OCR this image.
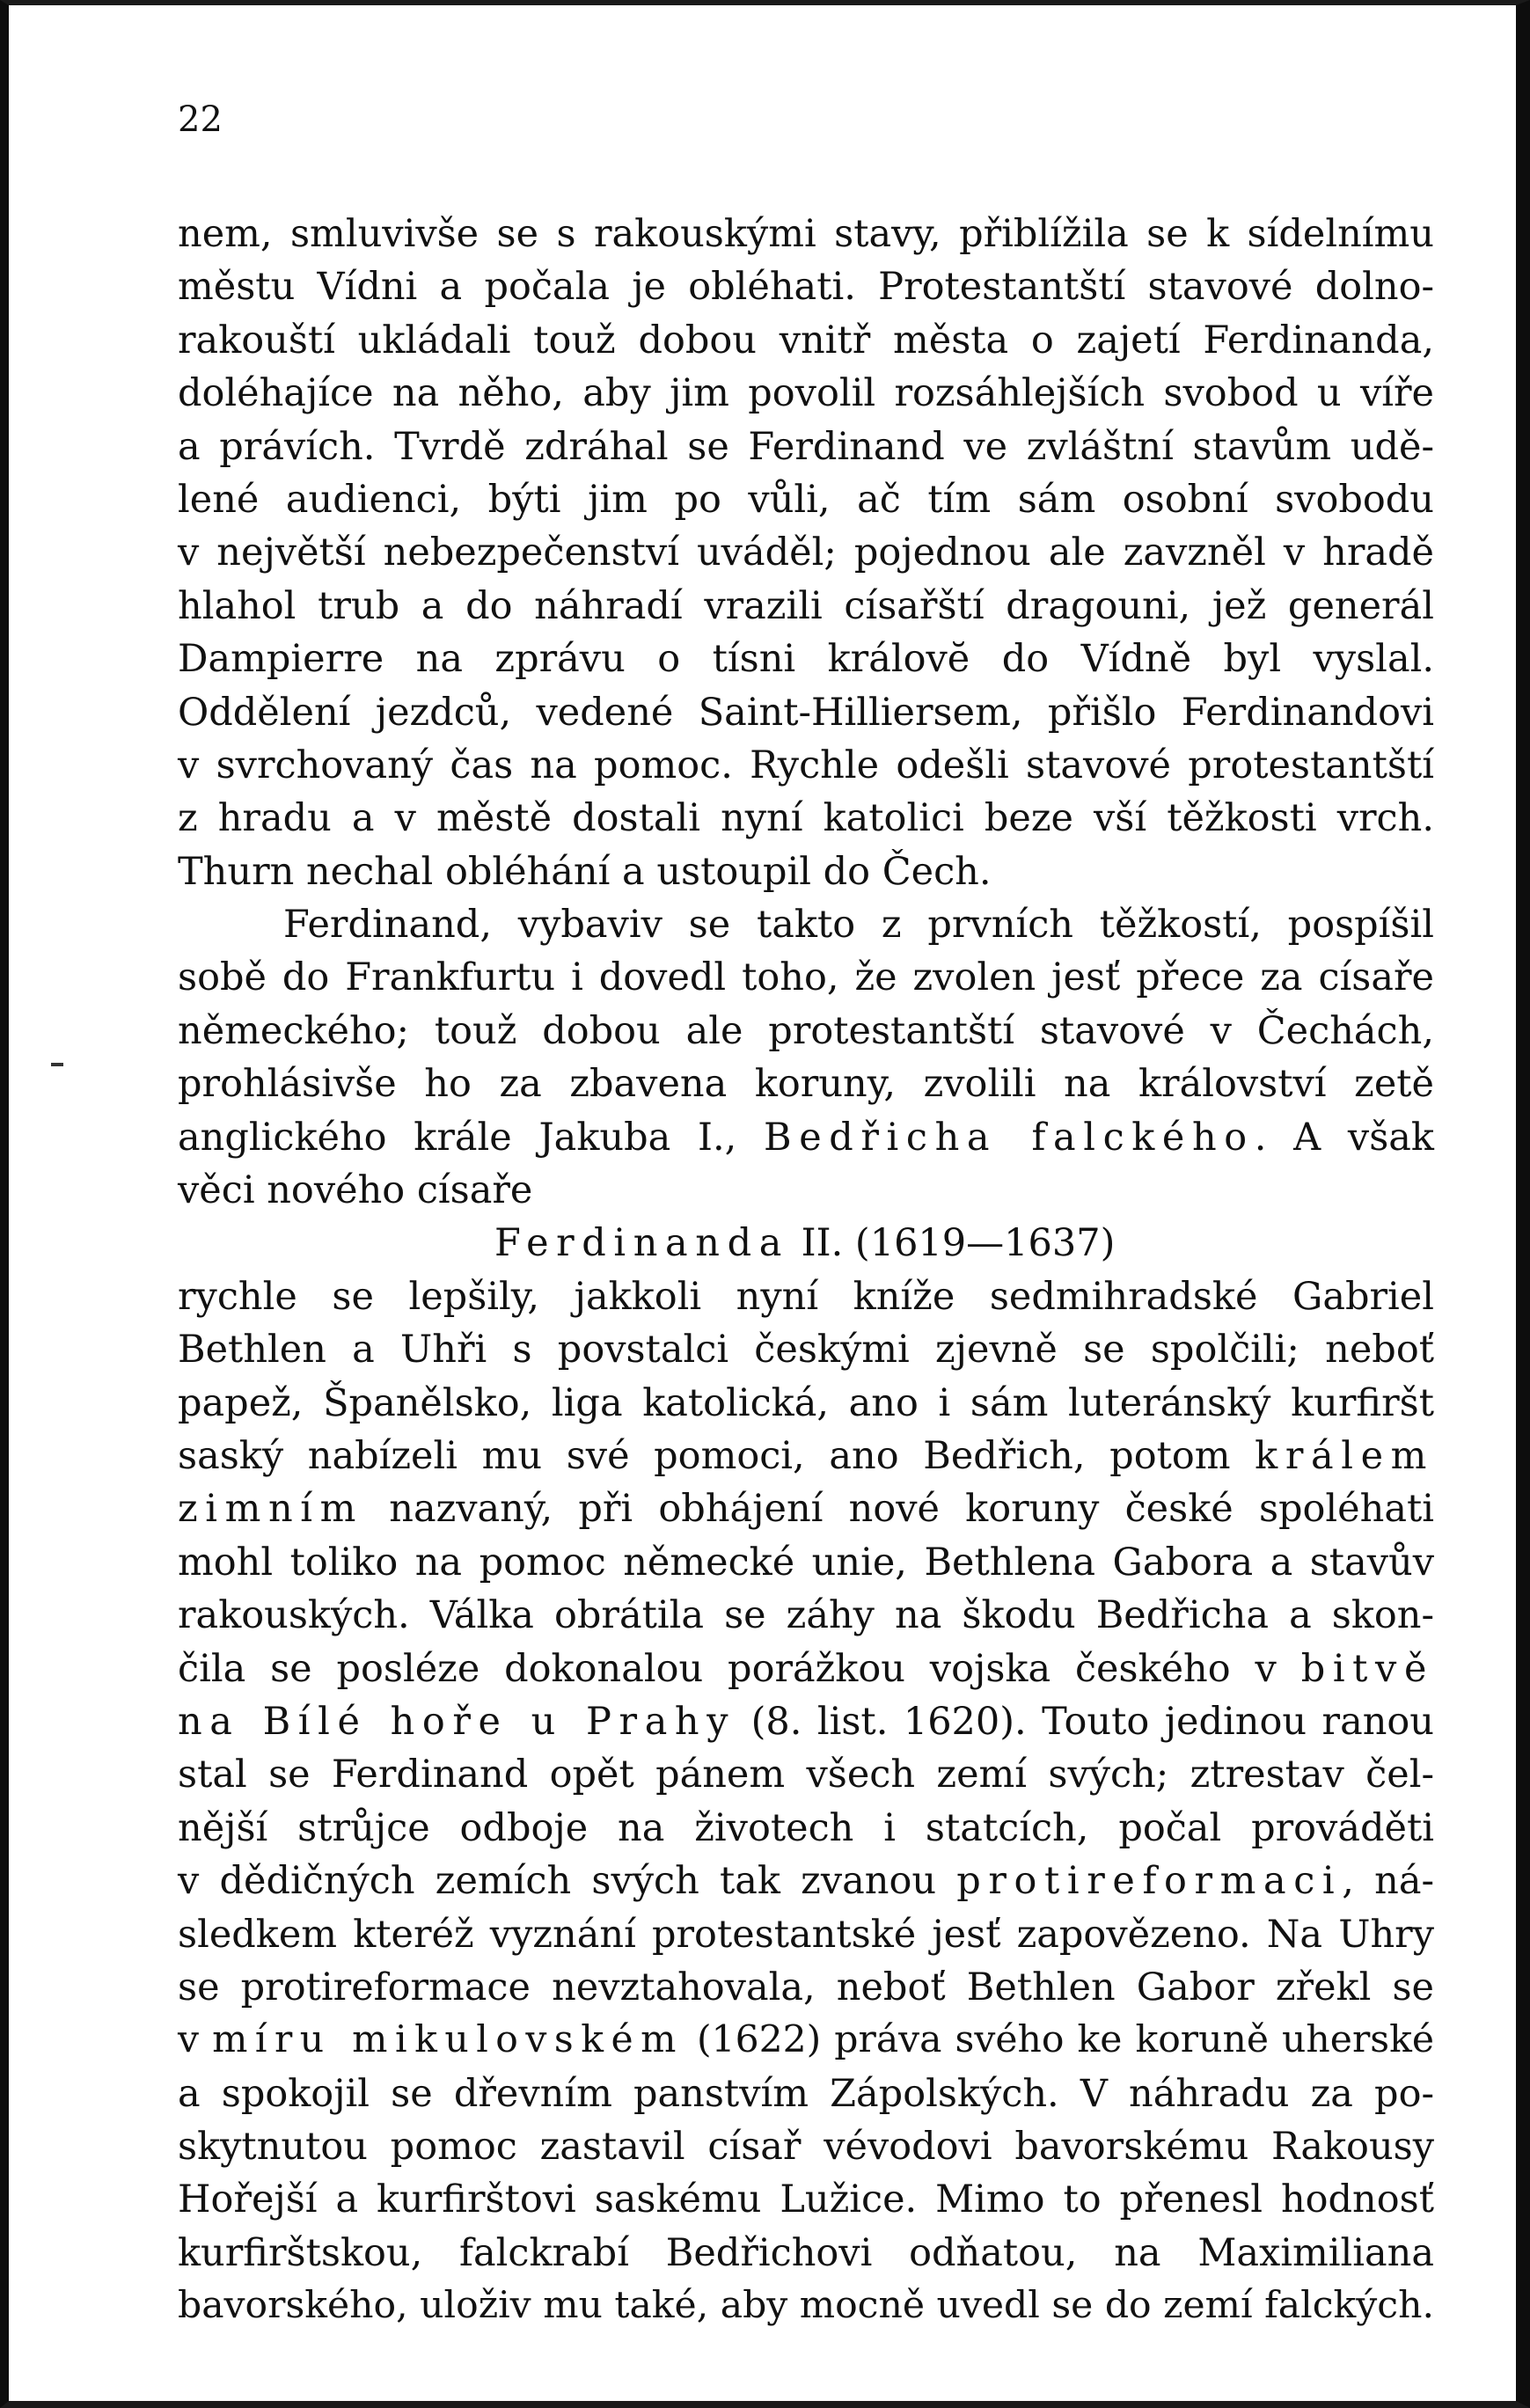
22
nem, smluvivše se s rakouskými stavy, přiblížila se k sídelnímu
městu Vídni a počala je obléhati. Protestantští stavové dolno-
rakouští ukládali touž dobou vnitř města o zajetí Ferdinanda,
doléhajíce na něho, aby jim povolil rozsáhlejších svobod u víře
a právích. Tvrdě zdráhal se Ferdinand ve zvláštní stavům udě-
lené audienci, býti jim po vůli, ač tím sám osobní svobodu
v největší nebezpečenství uváděl; pojednou ale zavzněl v hradě
hlahol trub a do náhradí vrazili císařští dragouni, jež generál
Dampierre na zprávu o tísni královĕ do Vídně byl vyslal.
Oddělení jezdců, vedené Saint-Hilliersem, přišlo Ferdinandovi
v svrchovaný čas na pomoc. Rychle odešli stavové protestantští
z hradu a v městě dostali nyní katolici beze vší těžkosti vrch.
Thurn nechal obléhání a ustoupil do Čech.
Ferdinand, vybaviv se takto z prvních těžkostí, pospíšil
sobě do Frankfurtu i dovedl toho, že zvolen jesť přece za císaře
německého; touž dobou ale protestantští stavové v Čechách,
prohlásivše ho za zbavena koruny, zvolili na království zetě
anglického krále Jakuba I., Bedřicha falckého. A však
věci nového císaře
Ferdinanda II. (1619—1637)
rychle se lepšily, jakkoli nyní kníže sedmihradské Gabriel
Bethlen a Uhři s povstalci českými zjevně se spolčili; neboť
papež, Španělsko, liga katolická, ano i sám luteránský kurfiršt
saský nabízeli mu své pomoci, ano Bedřich, potom králem
zimním nazvaný, při obhájení nové koruny české spoléhati
mohl toliko na pomoc německé unie, Bethlena Gabora a stavův
rakouských. Válka obrátila se záhy na škodu Bedřicha a skon-
čila se posléze dokonalou porážkou vojska českého v bitvě
na Bílé hoře u Prahy (8. list. 1620). Touto jedinou ranou
stal se Ferdinand opět pánem všech zemí svých; ztrestav čel-
nější strůjce odboje na životech i statcích, počal prováděti
v dědičných zemích svých tak zvanou protireformaci, ná-
sledkem kteréž vyznání protestantské jesť zapovězeno. Na Uhry
se protireformace nevztahovala, neboť Bethlen Gabor zřekl se
v míru mikulovském (1622) práva svého ke koruně uherské
a spokojil se dřevním panstvím Zápolských. V náhradu za po-
skytnutou pomoc zastavil císař vévodovi bavorskému Rakousy
Hořejší a kurfirštovi saskému Lužice. Mimo to přenesl hodnosť
kurfirštskou, falckrabí Bedřichovi odňatou, na Maximiliana
bavorského, uloživ mu také, aby mocně uvedl se do zemí falckých.
